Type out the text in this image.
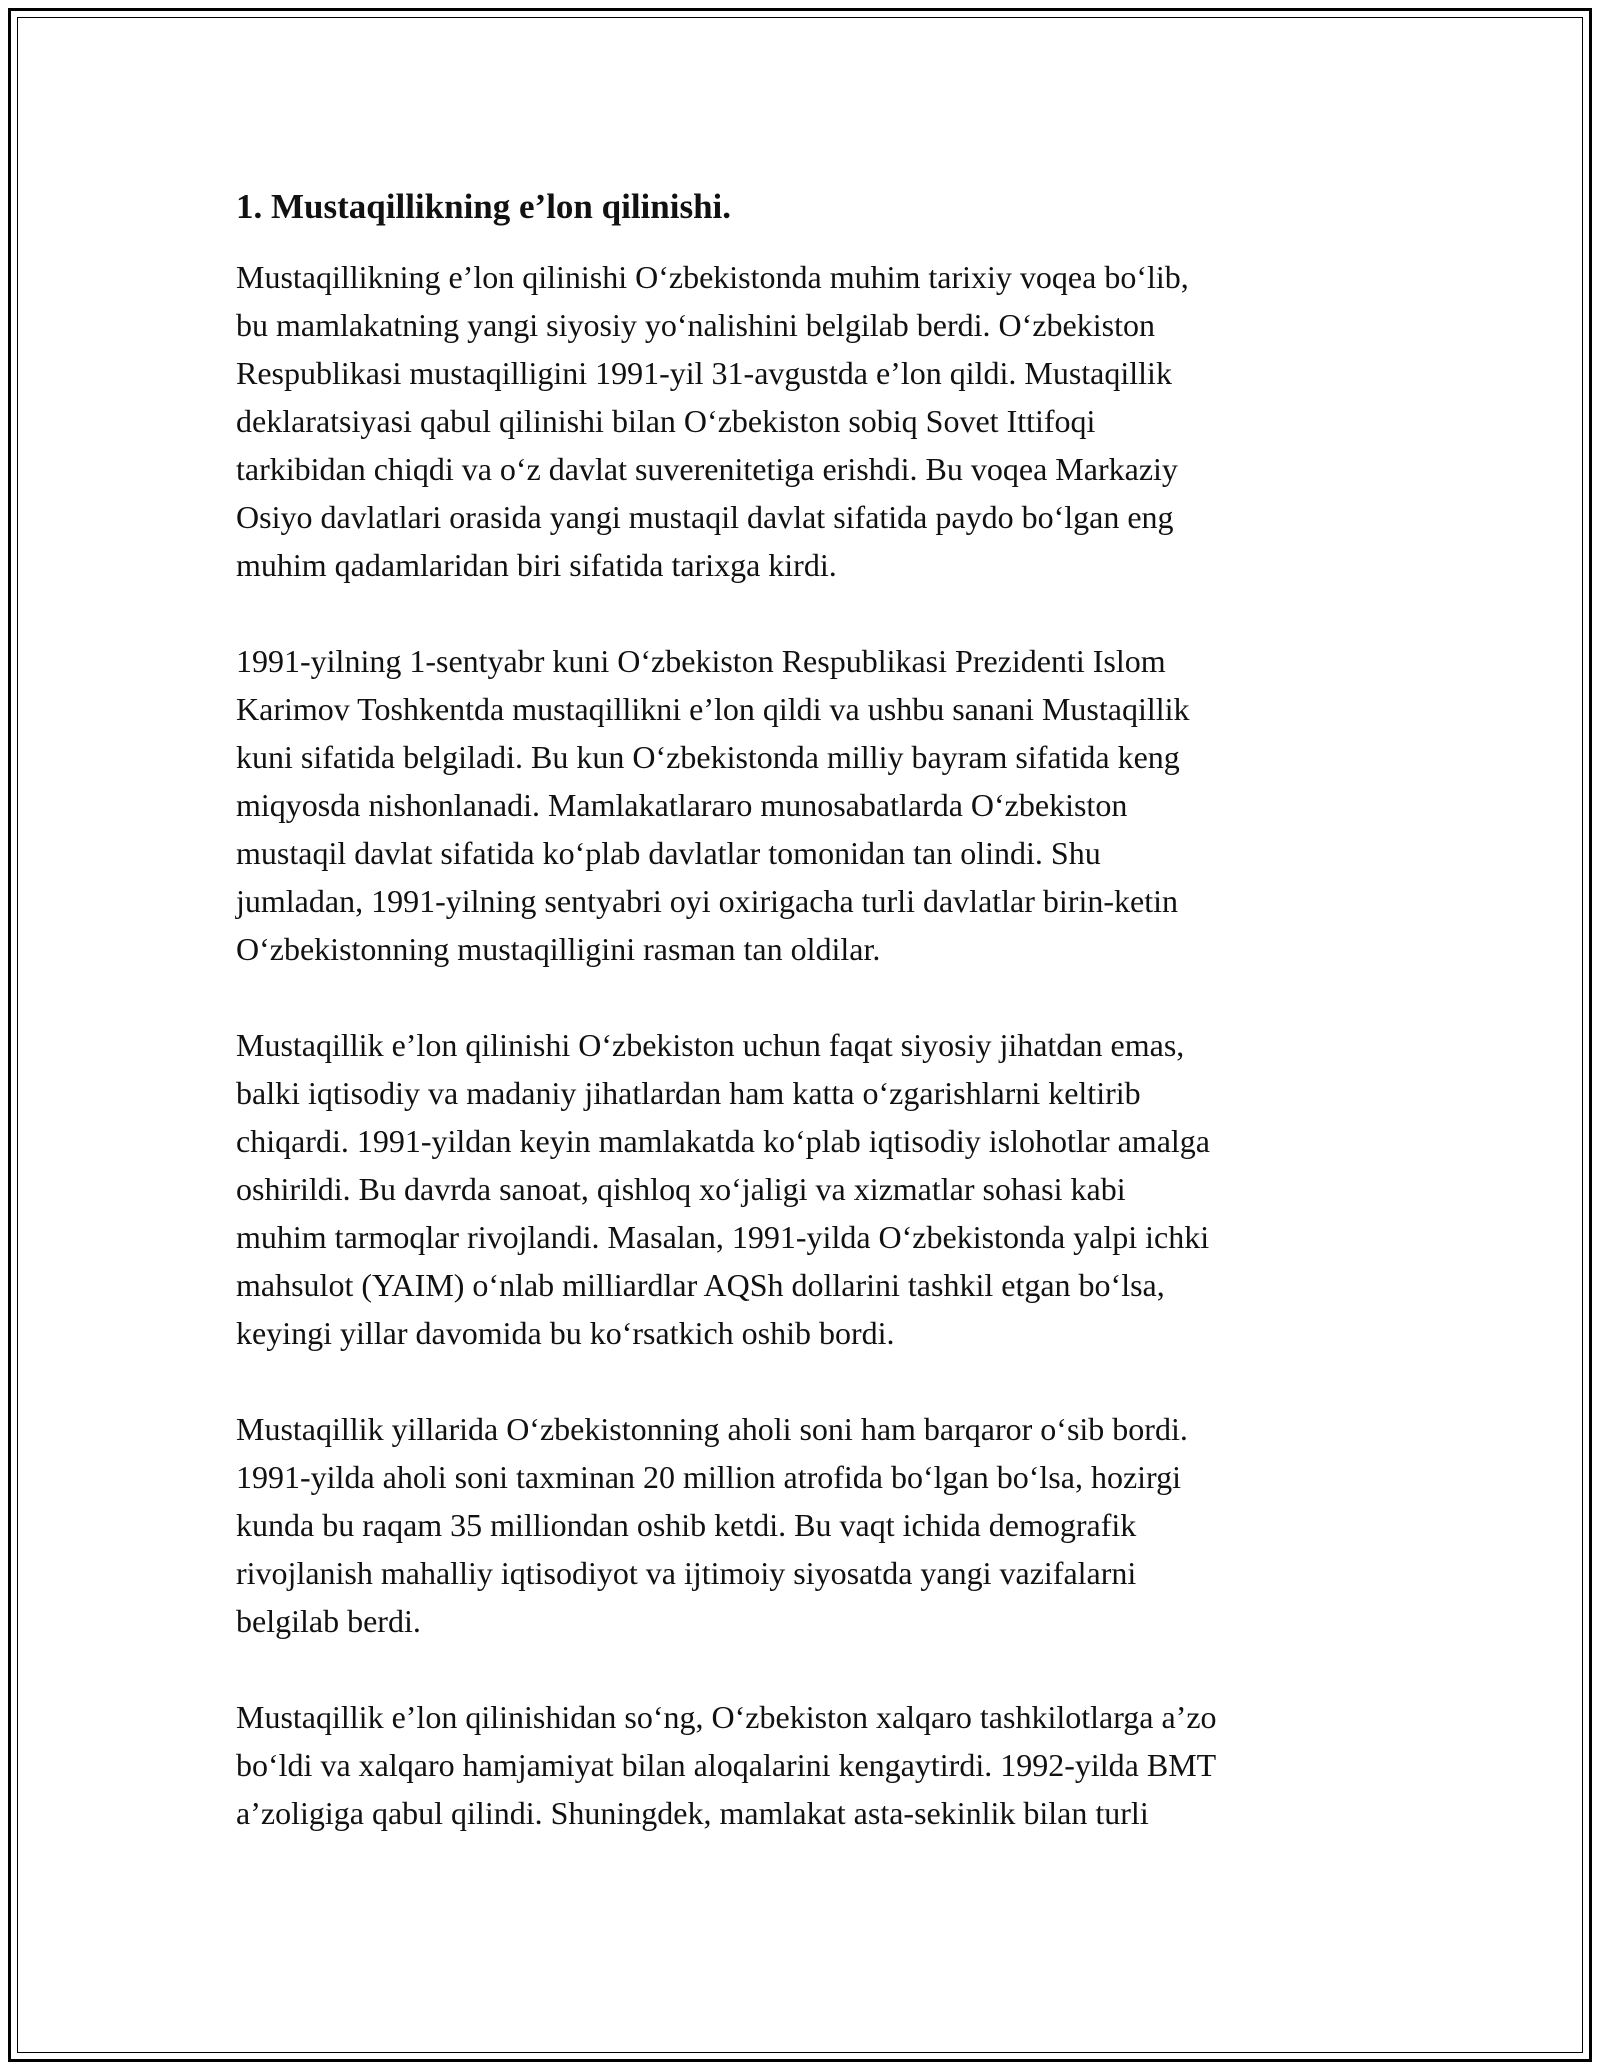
1. Mustaqillikning e’lon qilinishi.
Mustaqillikning e’lon qilinishi O‘zbekistonda muhim tarixiy voqea bo‘lib,
bu mamlakatning yangi siyosiy yo‘nalishini belgilab berdi. O‘zbekiston
Respublikasi mustaqilligini 1991-yil 31-avgustda e’lon qildi. Mustaqillik
deklaratsiyasi qabul qilinishi bilan O‘zbekiston sobiq Sovet Ittifoqi
tarkibidan chiqdi va o‘z davlat suverenitetiga erishdi. Bu voqea Markaziy
Osiyo davlatlari orasida yangi mustaqil davlat sifatida paydo bo‘lgan eng
muhim qadamlaridan biri sifatida tarixga kirdi.
1991-yilning 1-sentyabr kuni O‘zbekiston Respublikasi Prezidenti Islom
Karimov Toshkentda mustaqillikni e’lon qildi va ushbu sanani Mustaqillik
kuni sifatida belgiladi. Bu kun O‘zbekistonda milliy bayram sifatida keng
miqyosda nishonlanadi. Mamlakatlararo munosabatlarda O‘zbekiston
mustaqil davlat sifatida ko‘plab davlatlar tomonidan tan olindi. Shu
jumladan, 1991-yilning sentyabri oyi oxirigacha turli davlatlar birin-ketin
O‘zbekistonning mustaqilligini rasman tan oldilar.
Mustaqillik e’lon qilinishi O‘zbekiston uchun faqat siyosiy jihatdan emas,
balki iqtisodiy va madaniy jihatlardan ham katta o‘zgarishlarni keltirib
chiqardi. 1991-yildan keyin mamlakatda ko‘plab iqtisodiy islohotlar amalga
oshirildi. Bu davrda sanoat, qishloq xo‘jaligi va xizmatlar sohasi kabi
muhim tarmoqlar rivojlandi. Masalan, 1991-yilda O‘zbekistonda yalpi ichki
mahsulot (YAIM) o‘nlab milliardlar AQSh dollarini tashkil etgan bo‘lsa,
keyingi yillar davomida bu ko‘rsatkich oshib bordi.
Mustaqillik yillarida O‘zbekistonning aholi soni ham barqaror o‘sib bordi.
1991-yilda aholi soni taxminan 20 million atrofida bo‘lgan bo‘lsa, hozirgi
kunda bu raqam 35 milliondan oshib ketdi. Bu vaqt ichida demografik
rivojlanish mahalliy iqtisodiyot va ijtimoiy siyosatda yangi vazifalarni
belgilab berdi.
Mustaqillik e’lon qilinishidan so‘ng, O‘zbekiston xalqaro tashkilotlarga a’zo
bo‘ldi va xalqaro hamjamiyat bilan aloqalarini kengaytirdi. 1992-yilda BMT
a’zoligiga qabul qilindi. Shuningdek, mamlakat asta-sekinlik bilan turli
